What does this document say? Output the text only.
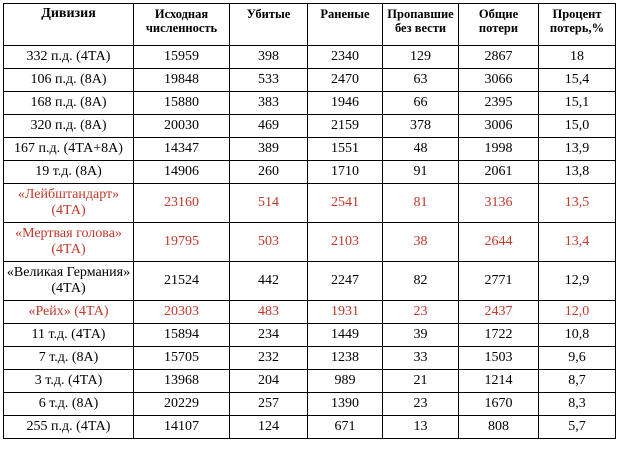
Дивизия	Исходная численность	Убитые	Раненые	Пропавшие без вести	Общие потери	Процент потерь,%
332 п.д. (4ТА)	15959	398	2340	129	2867	18
106 п.д. (8А)	19848	533	2470	63	3066	15,4
168 п.д. (8А)	15880	383	1946	66	2395	15,1
320 п.д. (8А)	20030	469	2159	378	3006	15,0
167 п.д. (4ТА+8А)	14347	389	1551	48	1998	13,9
19 т.д. (8А)	14906	260	1710	91	2061	13,8
«Лейбштандарт» (4ТА)	23160	514	2541	81	3136	13,5
«Мертвая голова» (4ТА)	19795	503	2103	38	2644	13,4
«Великая Германия» (4ТА)	21524	442	2247	82	2771	12,9
«Рейх» (4ТА)	20303	483	1931	23	2437	12,0
11 т.д. (4ТА)	15894	234	1449	39	1722	10,8
7 т.д. (8А)	15705	232	1238	33	1503	9,6
3 т.д. (4ТА)	13968	204	989	21	1214	8,7
6 т.д. (8А)	20229	257	1390	23	1670	8,3
255 п.д. (4ТА)	14107	124	671	13	808	5,7
